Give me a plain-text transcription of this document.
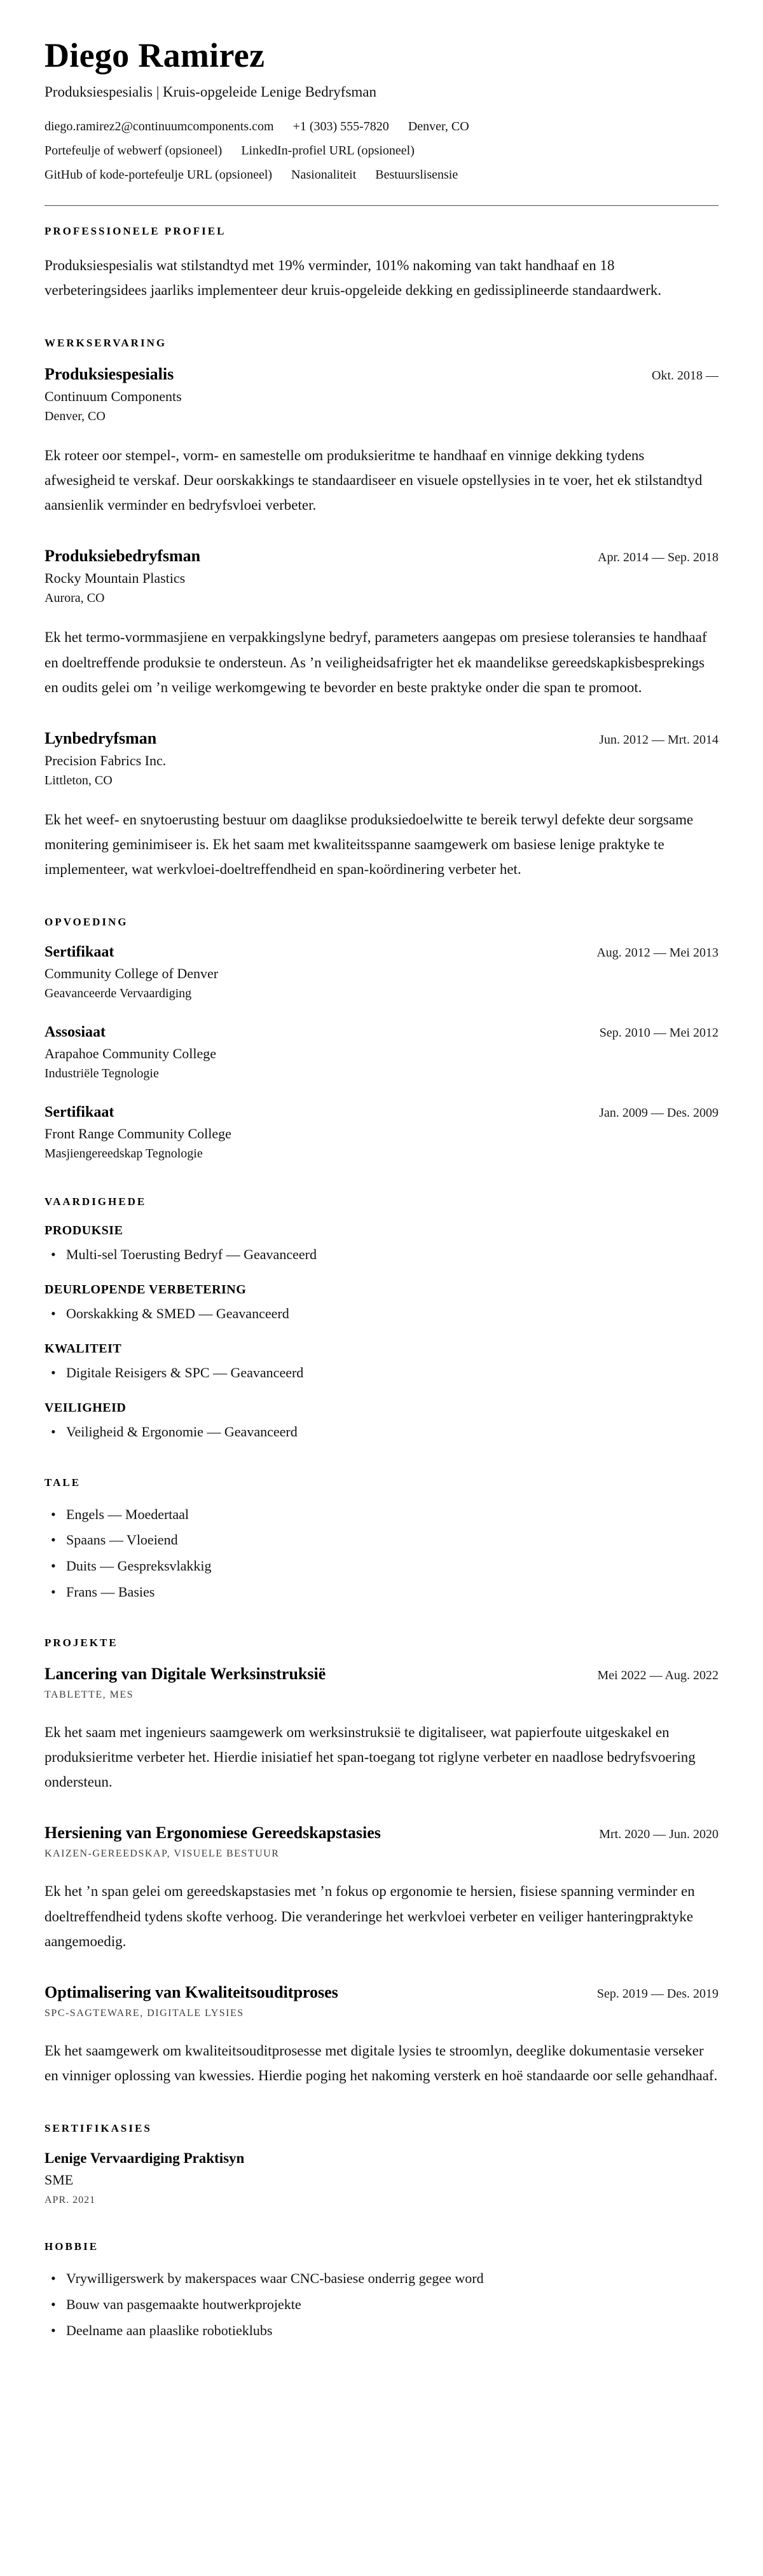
Diego Ramirez
Produksiespesialis | Kruis-opgeleide Lenige Bedryfsman
diego.ramirez2@continuumcomponents.com +1 (303) 555-7820 Denver, CO
Portefeulje of webwerf (opsioneel) LinkedIn-profiel URL (opsioneel)
GitHub of kode-portefeulje URL (opsioneel) Nasionaliteit Bestuurslisensie
PROFESSIONELE PROFIEL

Produksiespesialis wat stilstandtyd met 19% verminder, 101% nakoming van takt handhaaf en 18 verbeteringsidees jaarliks implementeer deur kruis-opgeleide dekking en gedissiplineerde standaardwerk.

WERKSERVARING
Produksiespesialis	Okt. 2018 —
Continuum Components
Denver, CO

Ek roteer oor stempel-, vorm- en samestelle om produksieritme te handhaaf en vinnige dekking tydens afwesigheid te verskaf. Deur oorskakkings te standaardiseer en visuele opstellysies in te voer, het ek stilstandtyd aansienlik verminder en bedryfsvloei verbeter.

Produksiebedryfsman	Apr. 2014 — Sep. 2018
Rocky Mountain Plastics
Aurora, CO

Ek het termo-vormmasjiene en verpakkingslyne bedryf, parameters aangepas om presiese toleransies te handhaaf en doeltreffende produksie te ondersteun. As ’n veiligheidsafrigter het ek maandelikse gereedskapkisbesprekings en oudits gelei om ’n veilige werkomgewing te bevorder en beste praktyke onder die span te promoot.

Lynbedryfsman	Jun. 2012 — Mrt. 2014
Precision Fabrics Inc.
Littleton, CO

Ek het weef- en snytoerusting bestuur om daaglikse produksiedoelwitte te bereik terwyl defekte deur sorgsame monitering geminimiseer is. Ek het saam met kwaliteitsspanne saamgewerk om basiese lenige praktyke te implementeer, wat werkvloei-doeltreffendheid en span-koördinering verbeter het.

OPVOEDING
Sertifikaat	Aug. 2012 — Mei 2013
Community College of Denver
Geavanceerde Vervaardiging
Assosiaat	Sep. 2010 — Mei 2012
Arapahoe Community College
Industriële Tegnologie
Sertifikaat	Jan. 2009 — Des. 2009
Front Range Community College
Masjiengereedskap Tegnologie
VAARDIGHEDE
PRODUKSIE
• Multi-sel Toerusting Bedryf — Geavanceerd
DEURLOPENDE VERBETERING
• Oorskakking & SMED — Geavanceerd
KWALITEIT
• Digitale Reisigers & SPC — Geavanceerd
VEILIGHEID
• Veiligheid & Ergonomie — Geavanceerd
TALE
• Engels — Moedertaal
• Spaans — Vloeiend
• Duits — Gespreksvlakkig
• Frans — Basies
PROJEKTE
Lancering van Digitale Werksinstruksië	Mei 2022 — Aug. 2022
TABLETTE, MES

Ek het saam met ingenieurs saamgewerk om werksinstruksië te digitaliseer, wat papierfoute uitgeskakel en produksieritme verbeter het. Hierdie inisiatief het span-toegang tot riglyne verbeter en naadlose bedryfsvoering ondersteun.

Hersiening van Ergonomiese Gereedskapstasies	Mrt. 2020 — Jun. 2020
KAIZEN-GEREEDSKAP, VISUELE BESTUUR

Ek het ’n span gelei om gereedskapstasies met ’n fokus op ergonomie te hersien, fisiese spanning verminder en doeltreffendheid tydens skofte verhoog. Die veranderinge het werkvloei verbeter en veiliger hanteringpraktyke aangemoedig.

Optimalisering van Kwaliteitsouditproses	Sep. 2019 — Des. 2019
SPC-SAGTEWARE, DIGITALE LYSIES

Ek het saamgewerk om kwaliteitsouditprosesse met digitale lysies te stroomlyn, deeglike dokumentasie verseker en vinniger oplossing van kwessies. Hierdie poging het nakoming versterk en hoë standaarde oor selle gehandhaaf.

SERTIFIKASIES
Lenige Vervaardiging Praktisyn
SME
APR. 2021
HOBBIE
• Vrywilligerswerk by makerspaces waar CNC-basiese onderrig gegee word
• Bouw van pasgemaakte houtwerkprojekte
• Deelname aan plaaslike robotieklubs
